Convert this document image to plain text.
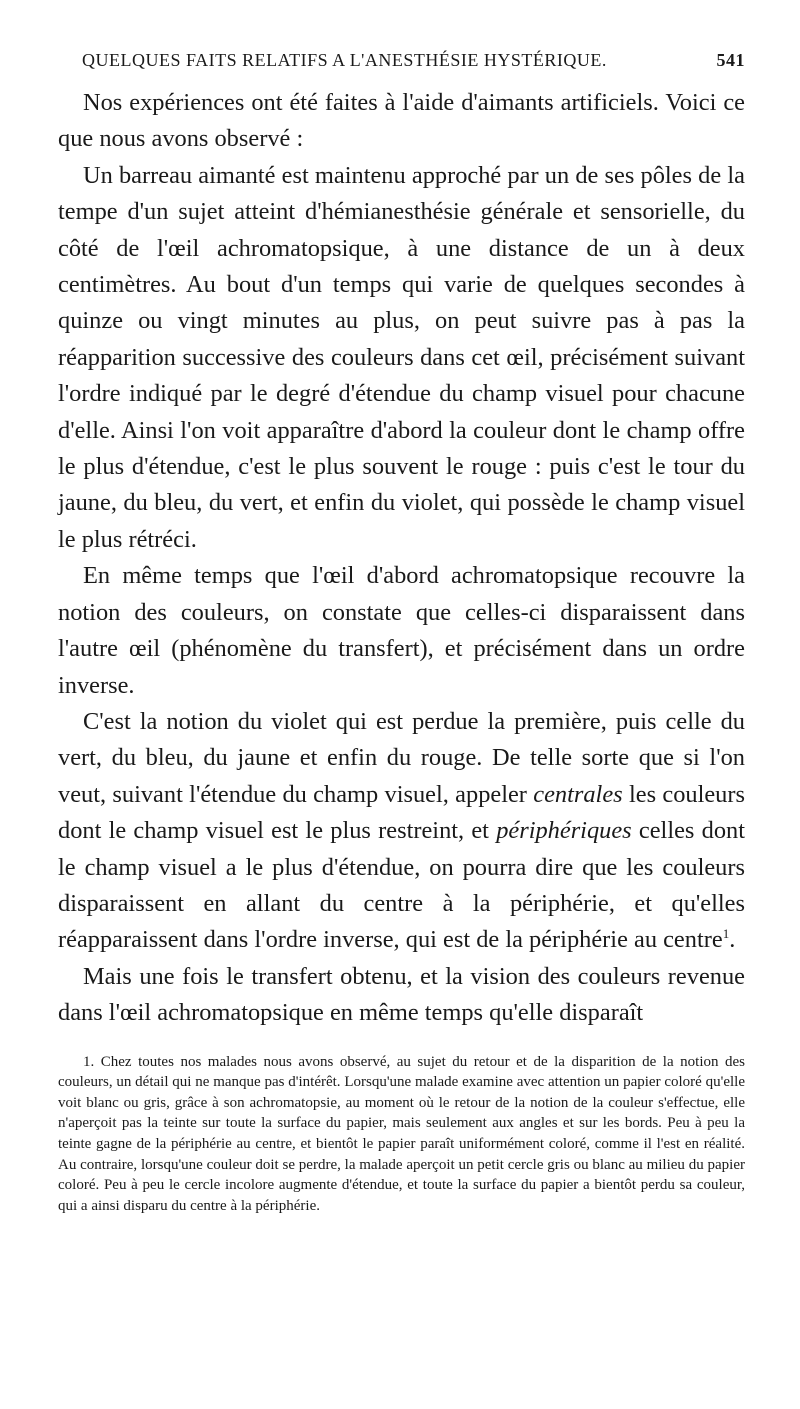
QUELQUES FAITS RELATIFS A L'ANESTHÉSIE HYSTÉRIQUE.	541

Nos expériences ont été faites à l'aide d'aimants artificiels. Voici ce que nous avons observé :

Un barreau aimanté est maintenu approché par un de ses pôles de la tempe d'un sujet atteint d'hémianesthésie générale et sensorielle, du côté de l'œil achromatopsique, à une distance de un à deux centimètres. Au bout d'un temps qui varie de quelques secondes à quinze ou vingt minutes au plus, on peut suivre pas à pas la réapparition successive des couleurs dans cet œil, précisément suivant l'ordre indiqué par le degré d'étendue du champ visuel pour chacune d'elle. Ainsi l'on voit apparaître d'abord la couleur dont le champ offre le plus d'étendue, c'est le plus souvent le rouge : puis c'est le tour du jaune, du bleu, du vert, et enfin du violet, qui possède le champ visuel le plus rétréci.

En même temps que l'œil d'abord achromatopsique recouvre la notion des couleurs, on constate que celles-ci disparaissent dans l'autre œil (phénomène du transfert), et précisément dans un ordre inverse.

C'est la notion du violet qui est perdue la première, puis celle du vert, du bleu, du jaune et enfin du rouge. De telle sorte que si l'on veut, suivant l'étendue du champ visuel, appeler centrales les couleurs dont le champ visuel est le plus restreint, et périphériques celles dont le champ visuel a le plus d'étendue, on pourra dire que les couleurs disparaissent en allant du centre à la périphérie, et qu'elles réapparaissent dans l'ordre inverse, qui est de la périphérie au centre$^1$.

Mais une fois le transfert obtenu, et la vision des couleurs revenue dans l'œil achromatopsique en même temps qu'elle disparaît

1. Chez toutes nos malades nous avons observé, au sujet du retour et de la disparition de la notion des couleurs, un détail qui ne manque pas d'intérêt. Lorsqu'une malade examine avec attention un papier coloré qu'elle voit blanc ou gris, grâce à son achromatopsie, au moment où le retour de la notion de la couleur s'effectue, elle n'aperçoit pas la teinte sur toute la surface du papier, mais seulement aux angles et sur les bords. Peu à peu la teinte gagne de la périphérie au centre, et bientôt le papier paraît uniformément coloré, comme il l'est en réalité. Au contraire, lorsqu'une couleur doit se perdre, la malade aperçoit un petit cercle gris ou blanc au milieu du papier coloré. Peu à peu le cercle incolore augmente d'étendue, et toute la surface du papier a bientôt perdu sa couleur, qui a ainsi disparu du centre à la périphérie.
